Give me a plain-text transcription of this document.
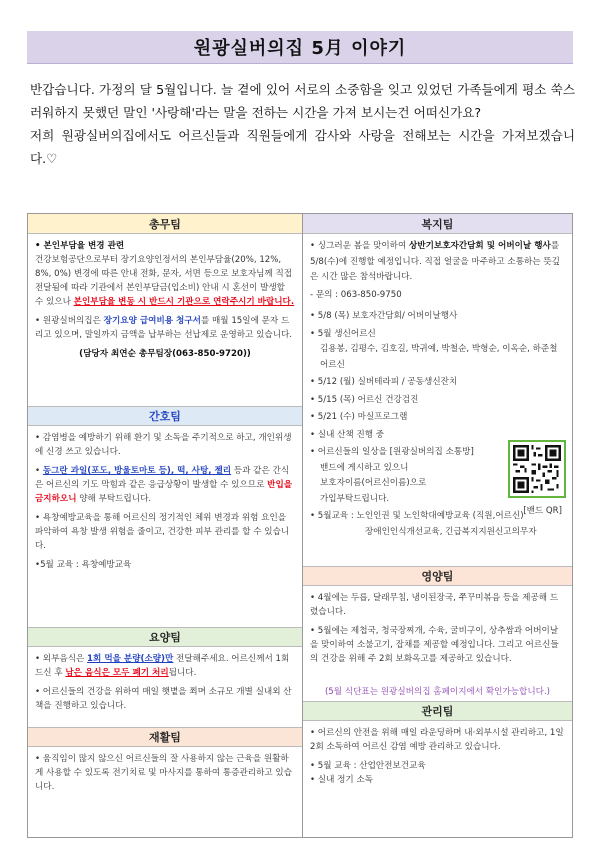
원광실버의집 5月 이야기

반갑습니다. 가정의 달 5월입니다. 늘 곁에 있어 서로의 소중함을 잊고 있었던 가족들에게 평소 쑥스러워하지 못했던 말인 '사랑해'라는 말을 전하는 시간을 가져 보시는건 어떠신가요?

저희 원광실버의집에서도 어르신들과 직원들에게 감사와 사랑을 전해보는 시간을 가져보겠습니다.♡

총무팀

• 본인부담율 변경 관련

건강보험공단으로부터 장기요양인정서의 본인부담율(20%, 12%, 8%, 0%) 변경에 따른 안내 전화, 문자, 서면 등으로 보호자님께 직접 전달됨에 따라 기관에서 본인부담금(입소비) 안내 시 혼선이 발생할 수 있으나 본인부담율 변동 시 반드시 기관으로 연락주시기 바랍니다.

• 원광실버의집은 장기요양 급여비용 청구서를 매월 15일에 문자 드리고 있으며, 말일까지 금액을 납부하는 선납제로 운영하고 있습니다.

(담당자 최연순 총무팀장(063-850-9720))

간호팀

• 감염병을 예방하기 위해 환기 및 소독을 주기적으로 하고, 개인위생에 신경 쓰고 있습니다.

• 동그란 과일(포도, 방울토마토 등), 떡, 사탕, 젤리 등과 같은 간식은 어르신의 기도 막힘과 같은 응급상황이 발생할 수 있으므로 반입을 금지하오니 양해 부탁드립니다.

• 욕창예방교육을 통해 어르신의 정기적인 체위 변경과 위험 요인을 파악하여 욕창 발생 위험을 줄이고, 건강한 피부 관리를 할 수 있습니다.

•5월 교육 : 욕창예방교육

요양팀

• 외부음식은 1회 먹을 분량(소량)만 전달해주세요. 어르신께서 1회 드신 후 남은 음식은 모두 폐기 처리됩니다.

• 어르신들의 건강을 위하여 매일 햇볕을 쬐며 소규모 개별 실내외 산책을 진행하고 있습니다.

재활팀

• 움직임이 많지 않으신 어르신들의 잘 사용하지 않는 근육을 원활하게 사용할 수 있도록 전기치료 및 마사지를 통하여 통증관리하고 있습니다.

복지팀

• 싱그러운 봄을 맞이하여 상반기보호자간담회 및 어버이날 행사를 5/8(수)에 진행할 예정입니다. 직접 얼굴을 마주하고 소통하는 뜻깊은 시간 많은 참석바랍니다.

- 문의 : 063-850-9750

• 5/8 (목) 보호자간담회/ 어버이날행사

• 5월 생신어르신

김용봉, 김평수, 김호길, 박귀예, 박철순, 박형순, 이옥순, 하준철어르신

• 5/12 (월) 실버테라피 / 공동생신잔치

• 5/15 (목) 어르신 건강검진

• 5/21 (수) 마실프로그램

• 실내 산책 진행 중

• 어르신들의 일상을 [원광실버의집 소통방]

밴드에 게시하고 있으니

보호자이름(어르신이름)으로

가입부탁드립니다.

• 5월교육 : 노인인권 및 노인학대예방교육 (직원,어르신)

장애인인식개선교육, 긴급복지지원신고의무자

[밴드 QR]
영양팀

• 4월에는 두릅, 달래무침, 냉이된장국, 쭈꾸미볶음 등을 제공해 드렸습니다.

• 5월에는 제첩국, 청국장찌개, 수육, 굴비구이, 상추쌈과 어버이날을 맞이하여 소불고기, 잡채를 제공할 예정입니다. 그리고 어르신들의 건강을 위해 주 2회 보화옥고를 제공하고 있습니다.

(5월 식단표는 원광실버의집 홈페이지에서 확인가능합니다.)
관리팀

• 어르신의 안전을 위해 매일 라운딩하며 내·외부시설 관리하고, 1일 2회 소독하여 어르신 감염 예방 관리하고 있습니다.

• 5월 교육 : 산업안전보건교육

• 실내 정기 소독
